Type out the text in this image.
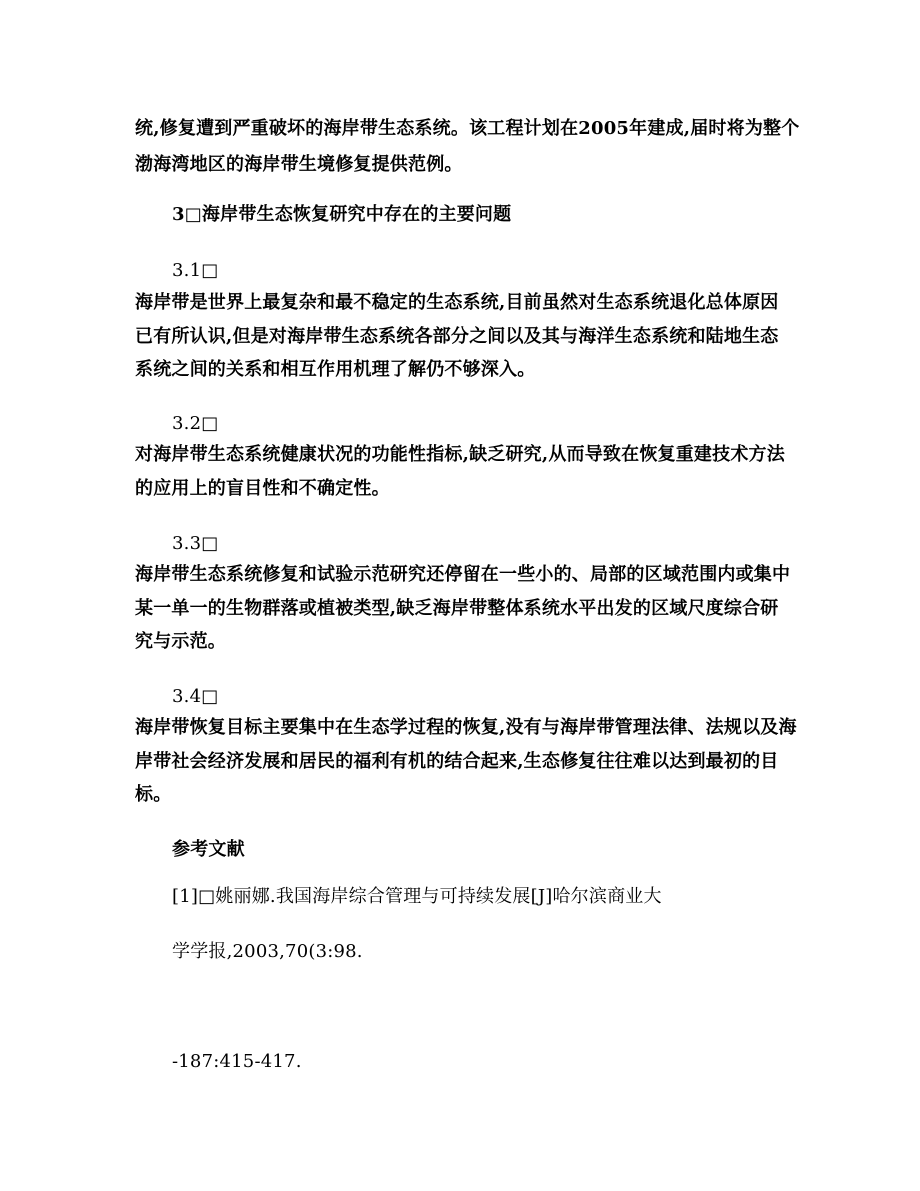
统,修复遭到严重破坏的海岸带生态系统。该工程计划在2005年建成,届时将为整个
渤海湾地区的海岸带生境修复提供范例。
3□海岸带生态恢复研究中存在的主要问题
3.1□
海岸带是世界上最复杂和最不稳定的生态系统,目前虽然对生态系统退化总体原因
已有所认识,但是对海岸带生态系统各部分之间以及其与海洋生态系统和陆地生态
系统之间的关系和相互作用机理了解仍不够深入。
3.2□
对海岸带生态系统健康状况的功能性指标,缺乏研究,从而导致在恢复重建技术方法
的应用上的盲目性和不确定性。
3.3□
海岸带生态系统修复和试验示范研究还停留在一些小的、局部的区域范围内或集中
某一单一的生物群落或植被类型,缺乏海岸带整体系统水平出发的区域尺度综合研
究与示范。
3.4□
海岸带恢复目标主要集中在生态学过程的恢复,没有与海岸带管理法律、法规以及海
岸带社会经济发展和居民的福利有机的结合起来,生态修复往往难以达到最初的目
标。
参考文献
[1]□姚丽娜.我国海岸综合管理与可持续发展[J]哈尔滨商业大
学学报,2003,70(3:98.
-187:415-417.
